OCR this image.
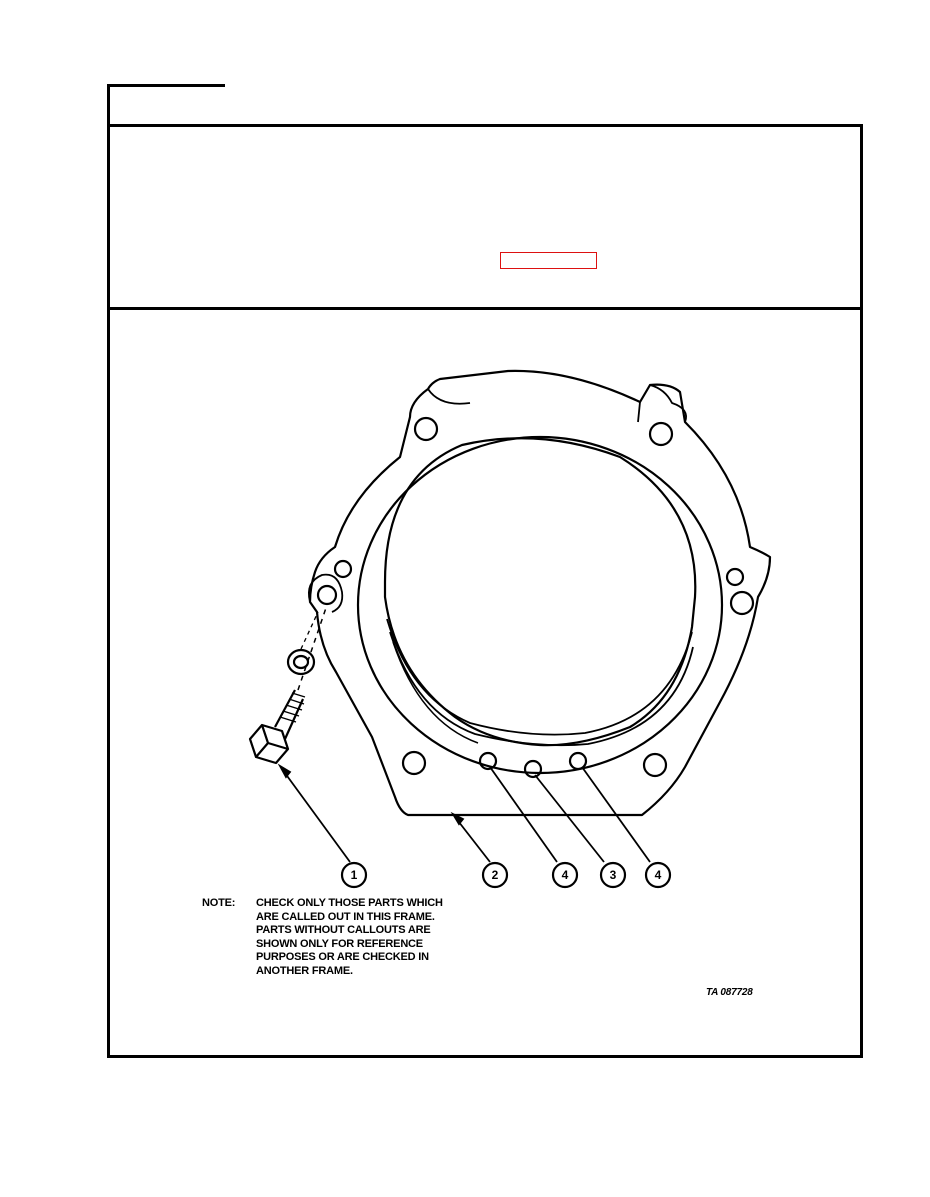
1	2	4	3	4
NOTE: CHECK ONLY THOSE PARTS WHICH
ARE CALLED OUT IN THIS FRAME.
PARTS WITHOUT CALLOUTS ARE
SHOWN ONLY FOR REFERENCE
PURPOSES OR ARE CHECKED IN
ANOTHER FRAME.
TA 087728
